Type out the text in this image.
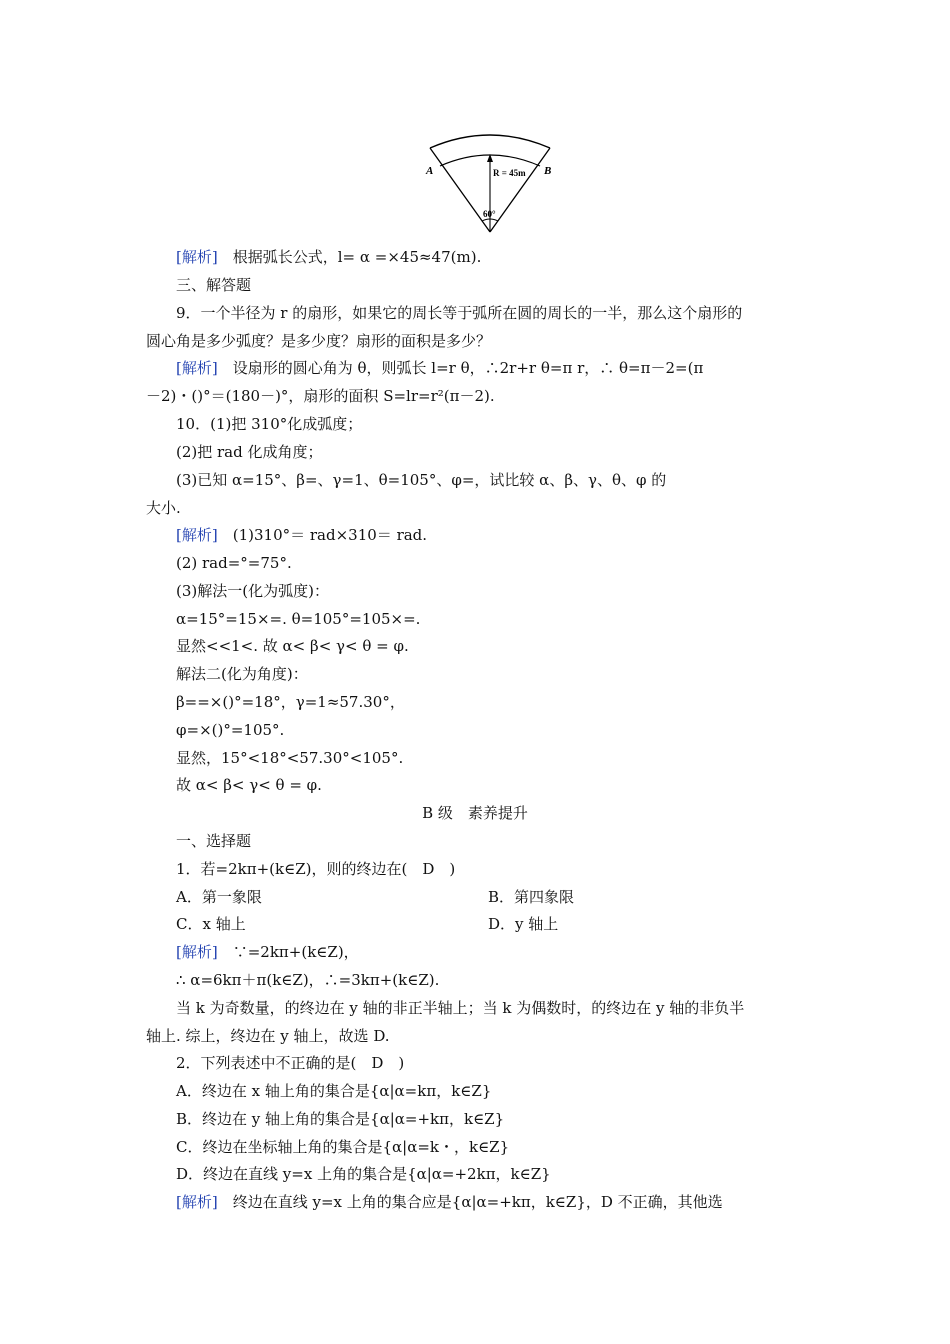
A	B
R = 45m
60°
[解析]　 根据弧长公式，l= α =×45≈47(m).
三、解答题
9．一个半径为 r 的扇形，如果它的周长等于弧所在圆的周长的一半，那么这个扇形的
圆心角是多少弧度？是多少度？扇形的面积是多少？
[解析]　 设扇形的圆心角为 θ，则弧长 l=r θ，∴2r+r θ=π r，∴ θ=π－2=(π
－2)・()°＝(180－)°，扇形的面积 S=lr=r²(π－2).
10．(1)把 310°化成弧度；
(2)把 rad 化成角度；
(3)已知 α=15°、β=、γ=1、θ=105°、φ=，试比较 α、β、γ、θ、φ 的
大小.
[解析]　 (1)310°＝ rad×310＝ rad.
(2) rad=°=75°.
(3)解法一(化为弧度)：
α=15°=15×=. θ=105°=105×=.
显然<<1<. 故 α< β< γ< θ = φ.
解法二(化为角度)：
β==×()°=18°，γ=1≈57.30°，
φ=×()°=105°.
显然，15°<18°<57.30°<105°.
故 α< β< γ< θ = φ.
B 级　素养提升
一、选择题
1．若=2kπ+(k∈Z)，则的终边在(　D　)
A．第一象限	B．第四象限
C．x 轴上	D．y 轴上
[解析]　 ∵=2kπ+(k∈Z)，
∴ α=6kπ＋π(k∈Z)，∴=3kπ+(k∈Z).
当 k 为奇数量，的终边在 y 轴的非正半轴上；当 k 为偶数时，的终边在 y 轴的非负半
轴上. 综上，终边在 y 轴上，故选 D.
2．下列表述中不正确的是(　D　)
A．终边在 x 轴上角的集合是{α|α=kπ，k∈Z}
B．终边在 y 轴上角的集合是{α|α=+kπ，k∈Z}
C．终边在坐标轴上角的集合是{α|α=k・，k∈Z}
D．终边在直线 y=x 上角的集合是{α|α=+2kπ，k∈Z}
[解析]　 终边在直线 y=x 上角的集合应是{α|α=+kπ，k∈Z}，D 不正确，其他选
